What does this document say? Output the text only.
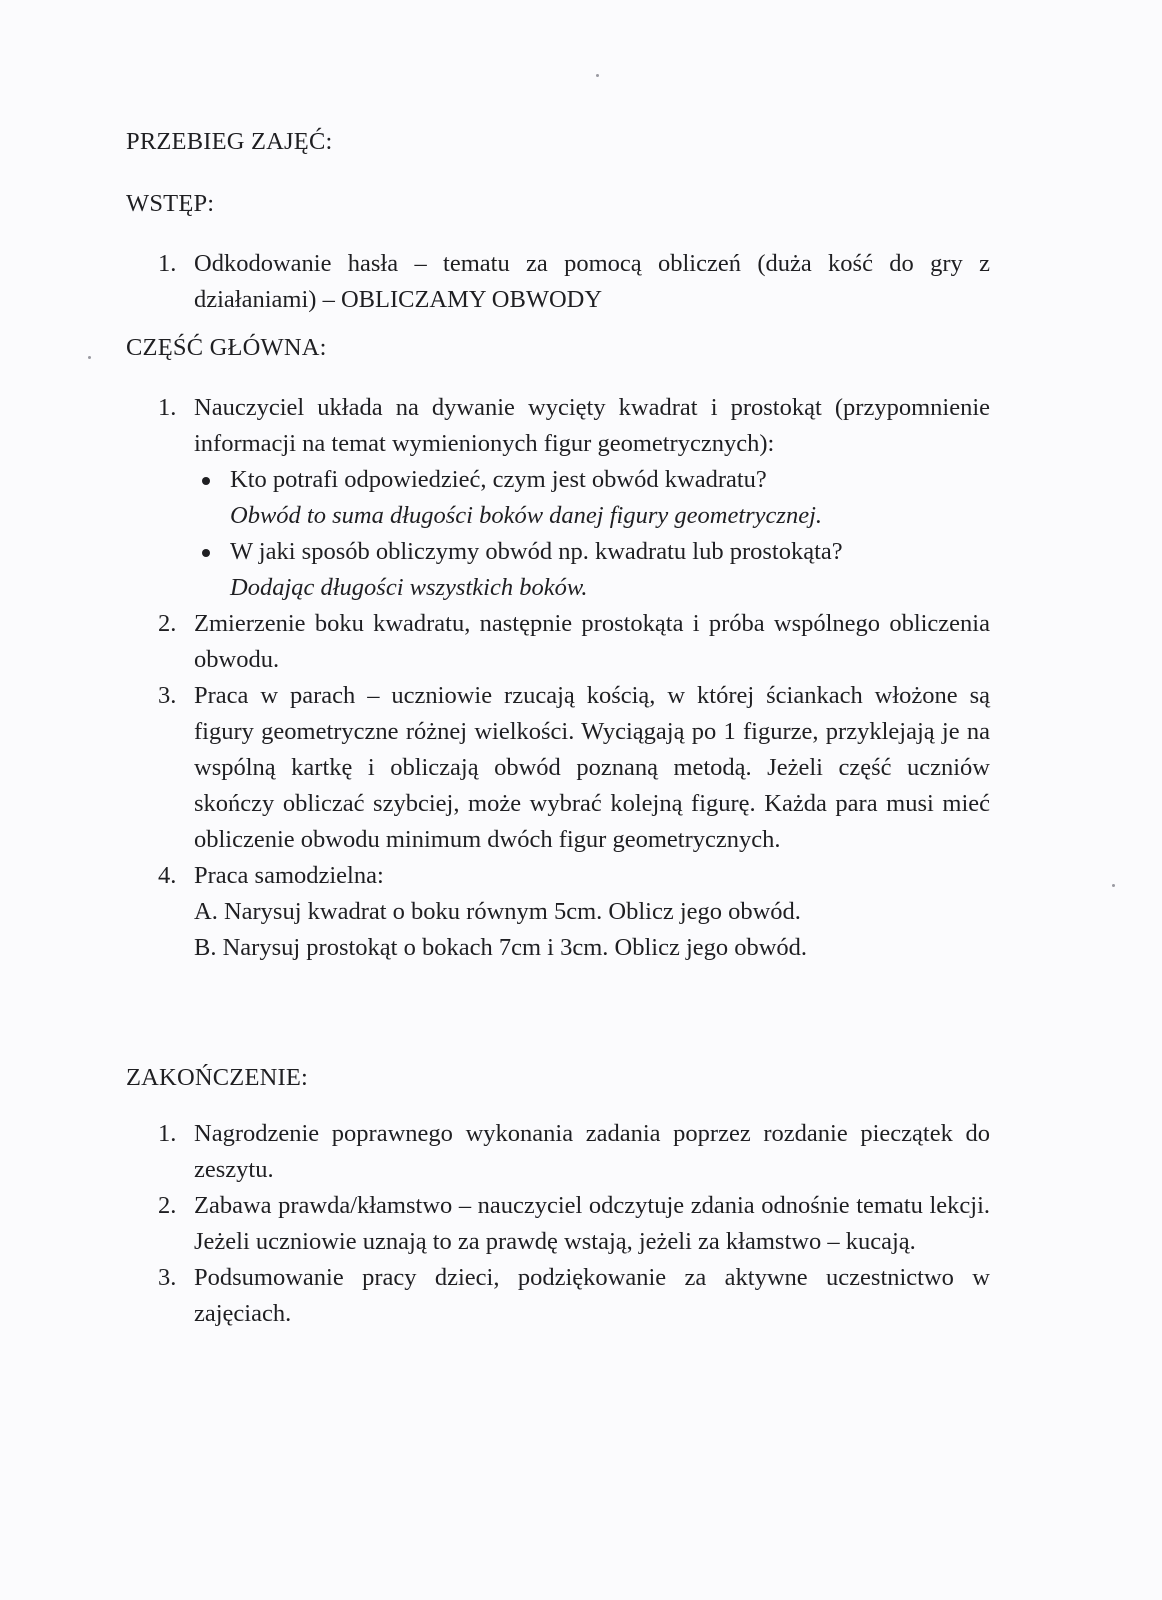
PRZEBIEG ZAJĘĆ:
WSTĘP:
1. Odkodowanie hasła – tematu za pomocą obliczeń (duża kość do gry z działaniami) – OBLICZAMY OBWODY
CZĘŚĆ GŁÓWNA:
1. Nauczyciel układa na dywanie wycięty kwadrat i prostokąt (przypomnienie informacji na temat wymienionych figur geometrycznych):
Kto potrafi odpowiedzieć, czym jest obwód kwadratu?
Obwód to suma długości boków danej figury geometrycznej.
W jaki sposób obliczymy obwód np. kwadratu lub prostokąta?
Dodając długości wszystkich boków.
2. Zmierzenie boku kwadratu, następnie prostokąta i próba wspólnego obliczenia obwodu.
3. Praca w parach – uczniowie rzucają kością, w której ściankach włożone są figury geometryczne różnej wielkości. Wyciągają po 1 figurze, przyklejają je na wspólną kartkę i obliczają obwód poznaną metodą. Jeżeli część uczniów skończy obliczać szybciej, może wybrać kolejną figurę. Każda para musi mieć obliczenie obwodu minimum dwóch figur geometrycznych.
4. Praca samodzielna:
A. Narysuj kwadrat o boku równym 5cm. Oblicz jego obwód.
B. Narysuj prostokąt o bokach 7cm i 3cm. Oblicz jego obwód.
ZAKOŃCZENIE:
1. Nagrodzenie poprawnego wykonania zadania poprzez rozdanie pieczątek do zeszytu.
2. Zabawa prawda/kłamstwo – nauczyciel odczytuje zdania odnośnie tematu lekcji. Jeżeli uczniowie uznają to za prawdę wstają, jeżeli za kłamstwo – kucają.
3. Podsumowanie pracy dzieci, podziękowanie za aktywne uczestnictwo w zajęciach.
